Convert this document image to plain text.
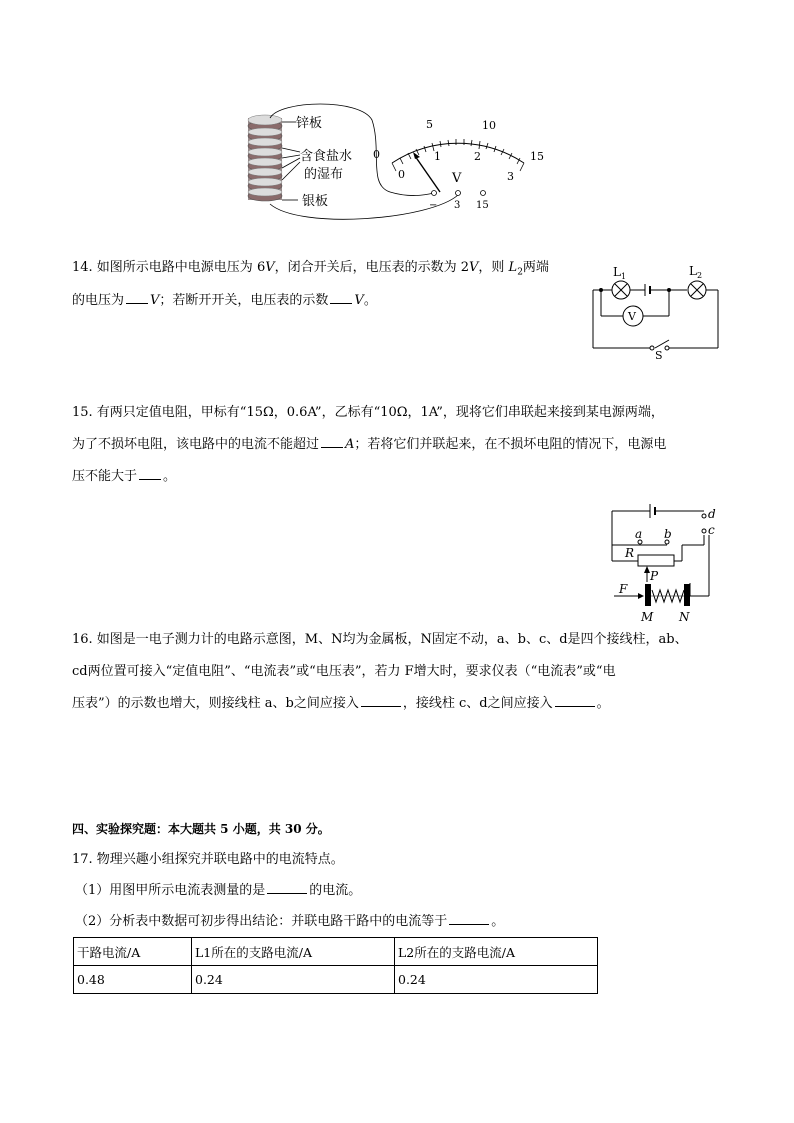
锌板
含食盐水
的湿布
银板
0
5	10
15
0
1	2
3
V
− 3 15
14. 如图所示电路中电源电压为 6V，闭合开关后，电压表的示数为 2V，则 $L_2$两端
的电压为 V；若断开开关，电压表的示数 V。
L 1	L 2
V
S
15. 有两只定值电阻，甲标有“15Ω，0.6A”，乙标有“10Ω，1A”，现将它们串联起来接到某电源两端，
为了不损坏电阻，该电路中的电流不能超过 A；若将它们并联起来，在不损坏电阻的情况下，电源电
压不能大于 。
d
c
a b
R
P
F
M N
16. 如图是一电子测力计的电路示意图，M、N均为金属板，N固定不动，a、b、c、d是四个接线柱，ab、
cd两位置可接入“定值电阻”、“电流表”或“电压表”，若力 F增大时，要求仪表（“电流表”或“电
压表”）的示数也增大，则接线柱 a、b之间应接入	，接线柱 c、d之间应接入	。
四、实验探究题：本大题共 5 小题，共 30 分。
17. 物理兴趣小组探究并联电路中的电流特点。
（1）用图甲所示电流表测量的是	的电流。
（2）分析表中数据可初步得出结论：并联电路干路中的电流等于	。
干路电流/A	L1所在的支路电流/A	L2所在的支路电流/A
0.48	0.24	0.24
